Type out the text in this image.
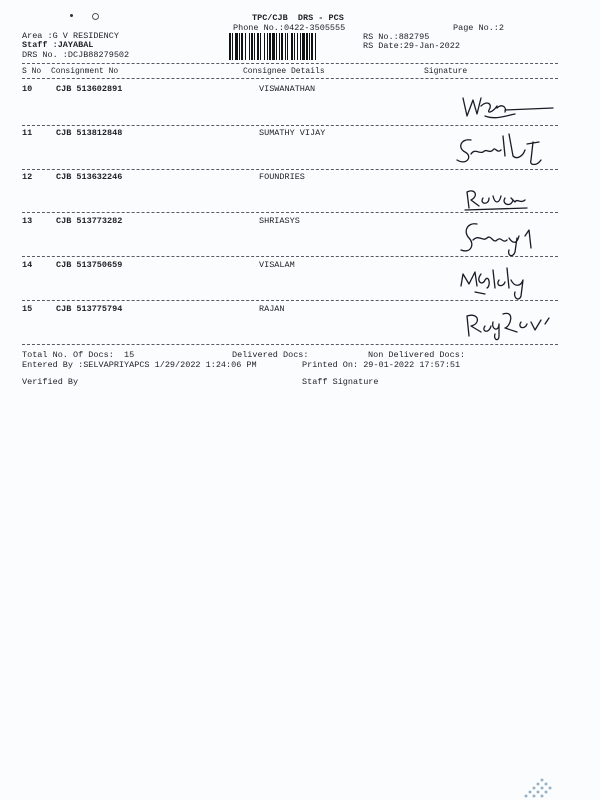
TPC/CJB  DRS - PCS
Phone No.:0422-3505555	Page No.:2
Area :G V RESIDENCY
Staff :JAYABAL
DRS No. :DCJB88279502
RS No.:882795
RS Date:29-Jan-2022
S No Consignment No	Consignee Details	Signature
10	CJB 513602891	VISWANATHAN
11	CJB 513812848	SUMATHY VIJAY
12	CJB 513632246	FOUNDRIES
13	CJB 513773282	SHRIASYS
14	CJB 513750659	VISALAM
15	CJB 513775794	RAJAN
Total No. Of Docs:  15	Delivered Docs:	Non Delivered Docs:
Entered By :SELVAPRIYAPCS 1/29/2022 1:24:06 PM	Printed On: 29-01-2022 17:57:51
Verified By	Staff Signature
